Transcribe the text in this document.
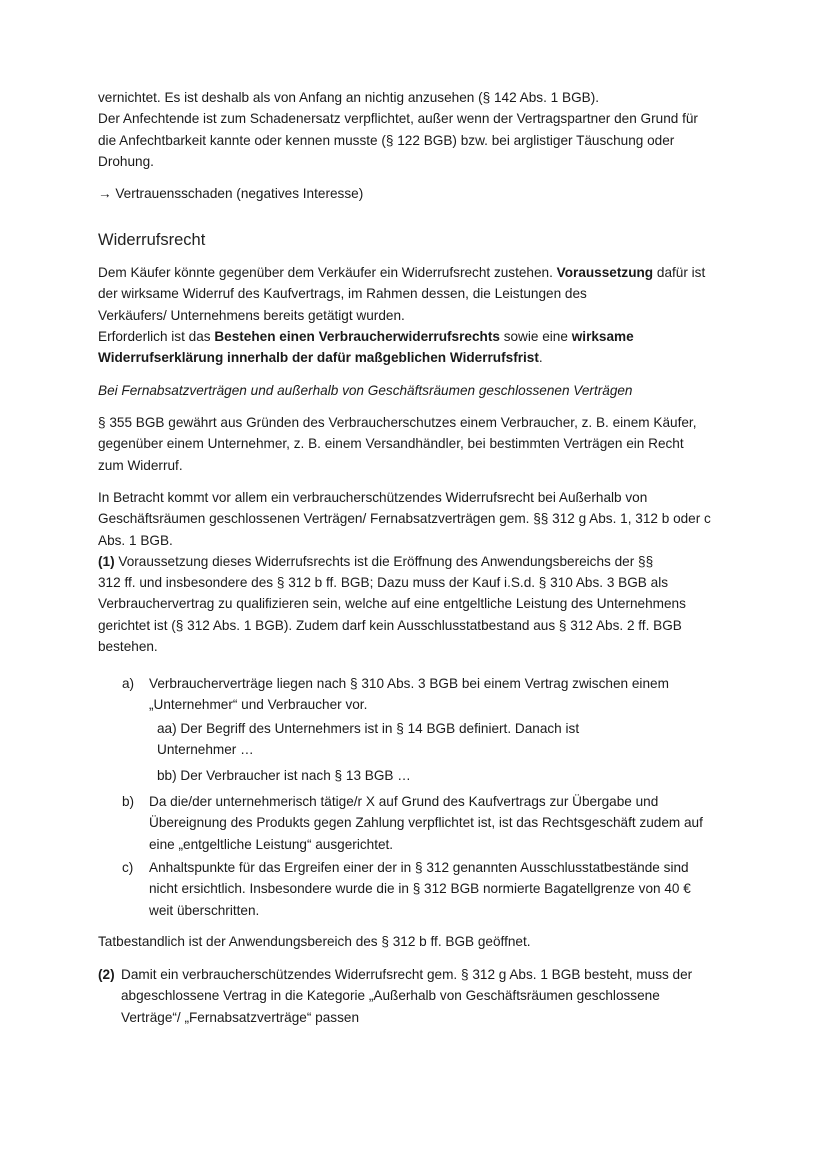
vernichtet. Es ist deshalb als von Anfang an nichtig anzusehen (§ 142 Abs. 1 BGB).
Der Anfechtende ist zum Schadenersatz verpflichtet, außer wenn der Vertragspartner den Grund für
die Anfechtbarkeit kannte oder kennen musste (§ 122 BGB) bzw. bei arglistiger Täuschung oder
Drohung.
→ Vertrauensschaden (negatives Interesse)
Widerrufsrecht
Dem Käufer könnte gegenüber dem Verkäufer ein Widerrufsrecht zustehen. Voraussetzung dafür ist
der wirksame Widerruf des Kaufvertrags, im Rahmen dessen, die Leistungen des
Verkäufers/ Unternehmens bereits getätigt wurden.
Erforderlich ist das Bestehen einen Verbraucherwiderrufsrechts sowie eine wirksame
Widerrufserklärung innerhalb der dafür maßgeblichen Widerrufsfrist.
Bei Fernabsatzverträgen und außerhalb von Geschäftsräumen geschlossenen Verträgen
§ 355 BGB gewährt aus Gründen des Verbraucherschutzes einem Verbraucher, z. B. einem Käufer,
gegenüber einem Unternehmer, z. B. einem Versandhändler, bei bestimmten Verträgen ein Recht
zum Widerruf.
In Betracht kommt vor allem ein verbraucherschützendes Widerrufsrecht bei Außerhalb von
Geschäftsräumen geschlossenen Verträgen/ Fernabsatzverträgen gem. §§ 312 g Abs. 1, 312 b oder c
Abs. 1 BGB.
(1) Voraussetzung dieses Widerrufsrechts ist die Eröffnung des Anwendungsbereichs der §§
312 ff. und insbesondere des § 312 b ff. BGB; Dazu muss der Kauf i.S.d. § 310 Abs. 3 BGB als
Verbrauchervertrag zu qualifizieren sein, welche auf eine entgeltliche Leistung des Unternehmens
gerichtet ist (§ 312 Abs. 1 BGB). Zudem darf kein Ausschlusstatbestand aus § 312 Abs. 2 ff. BGB
bestehen.
a) Verbraucherverträge liegen nach § 310 Abs. 3 BGB bei einem Vertrag zwischen einem
„Unternehmer“ und Verbraucher vor.
aa) Der Begriff des Unternehmers ist in § 14 BGB definiert. Danach ist
Unternehmer …
bb) Der Verbraucher ist nach § 13 BGB …
b) Da die/der unternehmerisch tätige/r X auf Grund des Kaufvertrags zur Übergabe und
Übereignung des Produkts gegen Zahlung verpflichtet ist, ist das Rechtsgeschäft zudem auf
eine „entgeltliche Leistung“ ausgerichtet.
c) Anhaltspunkte für das Ergreifen einer der in § 312 genannten Ausschlusstatbestände sind
nicht ersichtlich. Insbesondere wurde die in § 312 BGB normierte Bagatellgrenze von 40 €
weit überschritten.
Tatbestandlich ist der Anwendungsbereich des § 312 b ff. BGB geöffnet.
(2) Damit ein verbraucherschützendes Widerrufsrecht gem. § 312 g Abs. 1 BGB besteht, muss der
abgeschlossene Vertrag in die Kategorie „Außerhalb von Geschäftsräumen geschlossene
Verträge“/ „Fernabsatzverträge“ passen
